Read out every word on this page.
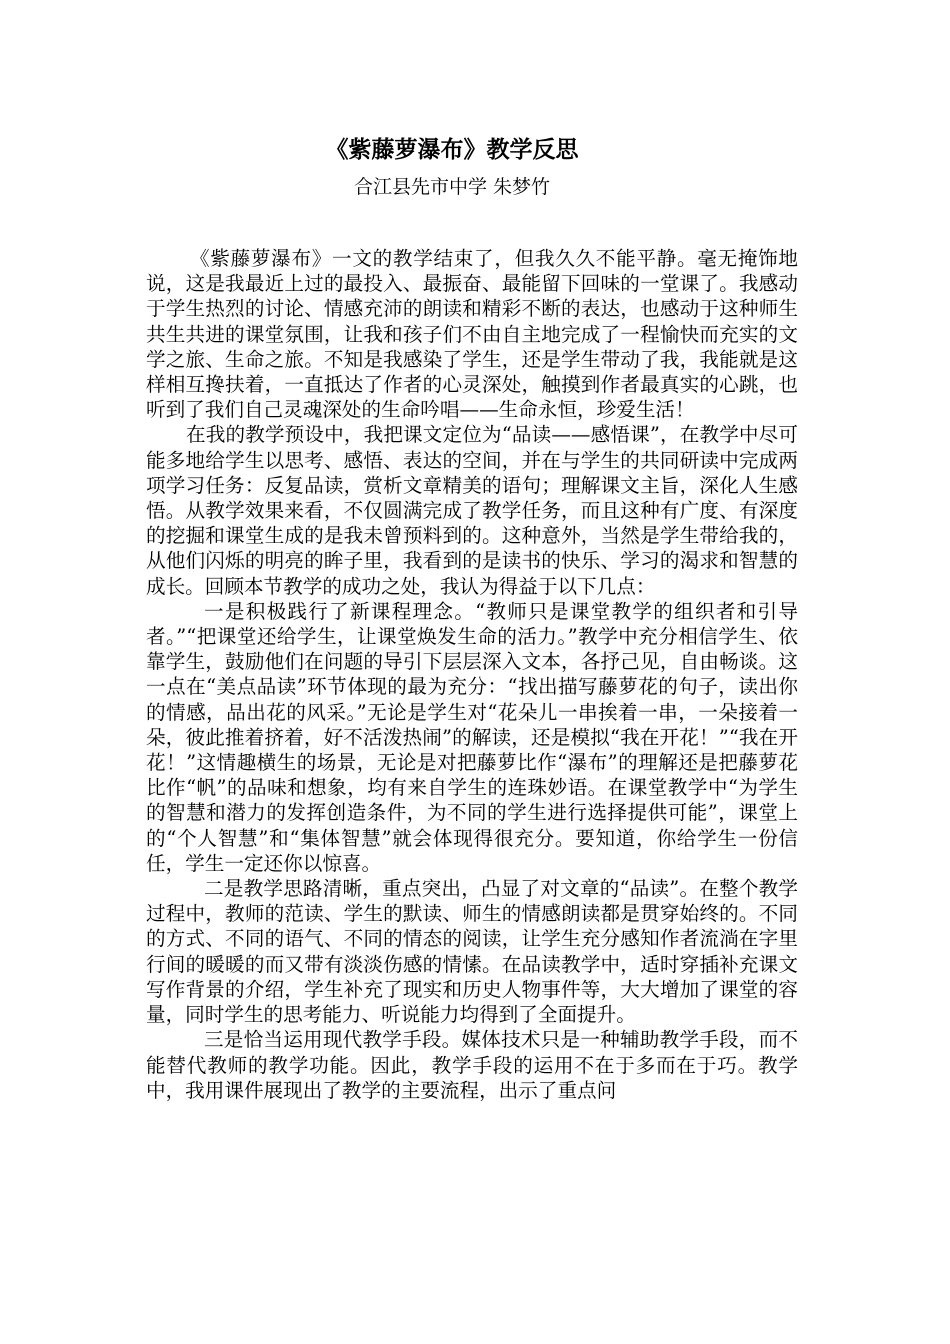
《紫藤萝瀑布》教学反思
合江县先市中学 朱梦竹

《紫藤萝瀑布》一文的教学结束了，但我久久不能平静。毫无掩饰地说，这是我最近上过的最投入、最振奋、最能留下回味的一堂课了。我感动于学生热烈的讨论、情感充沛的朗读和精彩不断的表达，也感动于这种师生共生共进的课堂氛围，让我和孩子们不由自主地完成了一程愉快而充实的文学之旅、生命之旅。不知是我感染了学生，还是学生带动了我，我能就是这样相互搀扶着，一直抵达了作者的心灵深处，触摸到作者最真实的心跳，也听到了我们自己灵魂深处的生命吟唱——生命永恒，珍爱生活！

在我的教学预设中，我把课文定位为“品读——感悟课”，在教学中尽可能多地给学生以思考、感悟、表达的空间，并在与学生的共同研读中完成两项学习任务：反复品读，赏析文章精美的语句；理解课文主旨，深化人生感悟。从教学效果来看，不仅圆满完成了教学任务，而且这种有广度、有深度的挖掘和课堂生成的是我未曾预料到的。这种意外，当然是学生带给我的，从他们闪烁的明亮的眸子里，我看到的是读书的快乐、学习的渴求和智慧的成长。回顾本节教学的成功之处，我认为得益于以下几点：

一是积极践行了新课程理念。“教师只是课堂教学的组织者和引导者。”“把课堂还给学生，让课堂焕发生命的活力。”教学中充分相信学生、依靠学生，鼓励他们在问题的导引下层层深入文本，各抒己见，自由畅谈。这一点在“美点品读”环节体现的最为充分：“找出描写藤萝花的句子，读出你的情感，品出花的风采。”无论是学生对“花朵儿一串挨着一串，一朵接着一朵，彼此推着挤着，好不活泼热闹”的解读，还是模拟“我在开花！”“我在开花！”这情趣横生的场景，无论是对把藤萝比作“瀑布”的理解还是把藤萝花比作“帆”的品味和想象，均有来自学生的连珠妙语。在课堂教学中“为学生的智慧和潜力的发挥创造条件，为不同的学生进行选择提供可能”，课堂上的“个人智慧”和“集体智慧”就会体现得很充分。要知道，你给学生一份信任，学生一定还你以惊喜。

二是教学思路清晰，重点突出，凸显了对文章的“品读”。在整个教学过程中，教师的范读、学生的默读、师生的情感朗读都是贯穿始终的。不同的方式、不同的语气、不同的情态的阅读，让学生充分感知作者流淌在字里行间的暖暖的而又带有淡淡伤感的情愫。在品读教学中，适时穿插补充课文写作背景的介绍，学生补充了现实和历史人物事件等，大大增加了课堂的容量，同时学生的思考能力、听说能力均得到了全面提升。

三是恰当运用现代教学手段。媒体技术只是一种辅助教学手段，而不能替代教师的教学功能。因此，教学手段的运用不在于多而在于巧。教学中，我用课件展现出了教学的主要流程，出示了重点问
